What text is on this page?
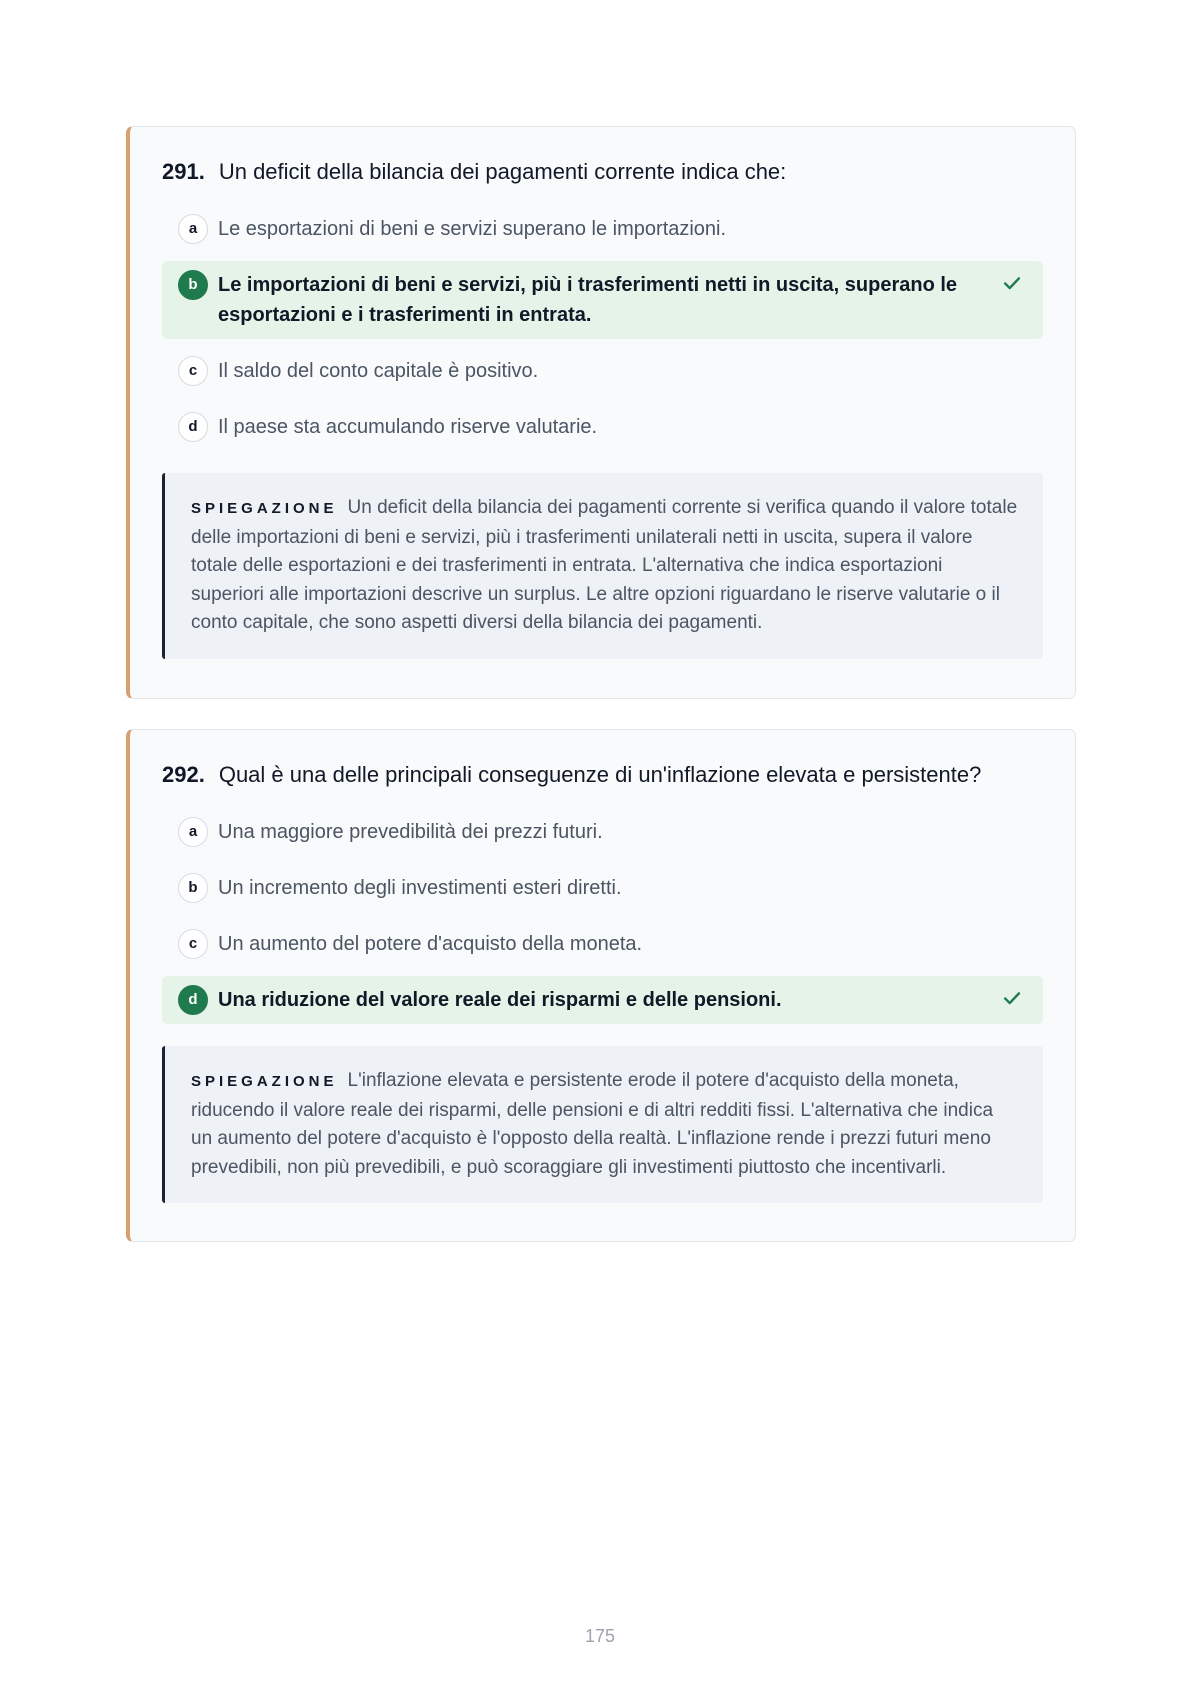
291. Un deficit della bilancia dei pagamenti corrente indica che:
a	Le esportazioni di beni e servizi superano le importazioni.
b	Le importazioni di beni e servizi, più i trasferimenti netti in uscita, superano le esportazioni e i trasferimenti in entrata.
c	Il saldo del conto capitale è positivo.
d	Il paese sta accumulando riserve valutarie.
SPIEGAZIONE Un deficit della bilancia dei pagamenti corrente si verifica quando il valore totale delle importazioni di beni e servizi, più i trasferimenti unilaterali netti in uscita, supera il valore totale delle esportazioni e dei trasferimenti in entrata. L'alternativa che indica esportazioni superiori alle importazioni descrive un surplus. Le altre opzioni riguardano le riserve valutarie o il conto capitale, che sono aspetti diversi della bilancia dei pagamenti.
292. Qual è una delle principali conseguenze di un'inflazione elevata e persistente?
a	Una maggiore prevedibilità dei prezzi futuri.
b	Un incremento degli investimenti esteri diretti.
c	Un aumento del potere d'acquisto della moneta.
d	Una riduzione del valore reale dei risparmi e delle pensioni.
SPIEGAZIONE L'inflazione elevata e persistente erode il potere d'acquisto della moneta, riducendo il valore reale dei risparmi, delle pensioni e di altri redditi fissi. L'alternativa che indica un aumento del potere d'acquisto è l'opposto della realtà. L'inflazione rende i prezzi futuri meno prevedibili, non più prevedibili, e può scoraggiare gli investimenti piuttosto che incentivarli.
175
